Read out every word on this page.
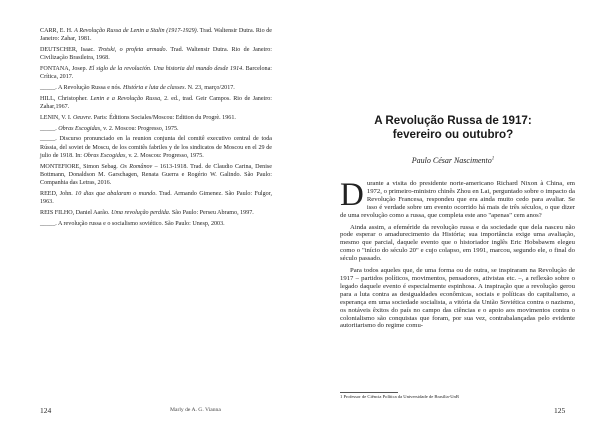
CARR, E. H. A Revolução Russa de Lenin a Stalin (1917-1929). Trad. Waltensir Dutra. Rio de Janeiro: Zahar, 1981.
DEUTSCHER, Isaac. Trotski, o profeta armado. Trad. Waltensir Dutra. Rio de Janeiro: Civilização Brasileira, 1968.
FONTANA, Josep. El siglo de la revolución. Una historia del mundo desde 1914. Barcelona: Crítica, 2017.
_____. A Revolução Russa e nós. História e luta de classes. N. 23, março/2017.
HILL, Christopher. Lenin e a Revolução Russa, 2. ed., trad. Geir Campos. Rio de Janeiro: Zahar,1967.
LENIN, V. I. Oeuvre. Paris: Éditions Sociales/Moscou: Edition du Progrè. 1961.
_____. Obras Escogidas, v. 2. Moscou: Progresso, 1975.
_____. Discurso pronunciado en la reunion conjunta del comitê executivo central de toda Rússia, del soviet de Moscu, de los comitês fabriles y de los sindicatos de Moscou en el 29 de julio de 1918. In: Obras Escogidas, v. 2. Moscou: Progresso, 1975.
MONTEFIORE, Simon Sebag. Os Românov – 1613-1918. Trad. de Claudio Carina, Denise Bottmann, Donaldson M. Garschagen, Renata Guerra e Rogério W. Galindo. São Paulo: Companhia das Letras, 2016.
REED, John. 10 dias que abalaram o mundo. Trad. Armando Gimenez. São Paulo: Fulgor, 1963.
REIS FILHO, Daniel Aarão. Uma revolução perdida. São Paulo: Perseu Abramo, 1997.
_____. A revolução russa e o socialismo soviético. São Paulo: Unesp, 2003.
124	Marly de A. G. Vianna
A Revolução Russa de 1917:
fevereiro ou outubro?
Paulo César Nascimento$^1$

Durante a visita do presidente norte-americano Richard Nixon à China, em 1972, o primeiro-ministro chinês Zhou en Lai, perguntado sobre o impacto da Revolução Francesa, respondeu que era ainda muito cedo para avaliar. Se isso é verdade sobre um evento ocorrido há mais de três séculos, o que dizer de uma revolução como a russa, que completa este ano "apenas" cem anos?

Ainda assim, a efeméride da revolução russa e da sociedade que dela nasceu não pode esperar o amadurecimento da História; sua importância exige uma avaliação, mesmo que parcial, daquele evento que o historiador inglês Eric Hobsbawm elegeu como o "início do século 20" e cujo colapso, em 1991, marcou, segundo ele, o final do século passado.

Para todos aqueles que, de uma forma ou de outra, se inspiraram na Revolução de 1917 – partidos políticos, movimentos, pensadores, ativistas etc. –, a reflexão sobre o legado daquele evento é especialmente espinhosa. A inspiração que a revolução gerou para a luta contra as desigualdades econômicas, sociais e políticas do capitalismo, a esperança em uma sociedade socialista, a vitória da União Soviética contra o nazismo, os notáveis êxitos do país no campo das ciências e o apoio aos movimentos contra o colonialismo são conquistas que foram, por sua vez, contrabalançadas pelo evidente autoritarismo do regime comu-

1 Professor de Ciência Política da Universidade de Brasília-UnB
125
